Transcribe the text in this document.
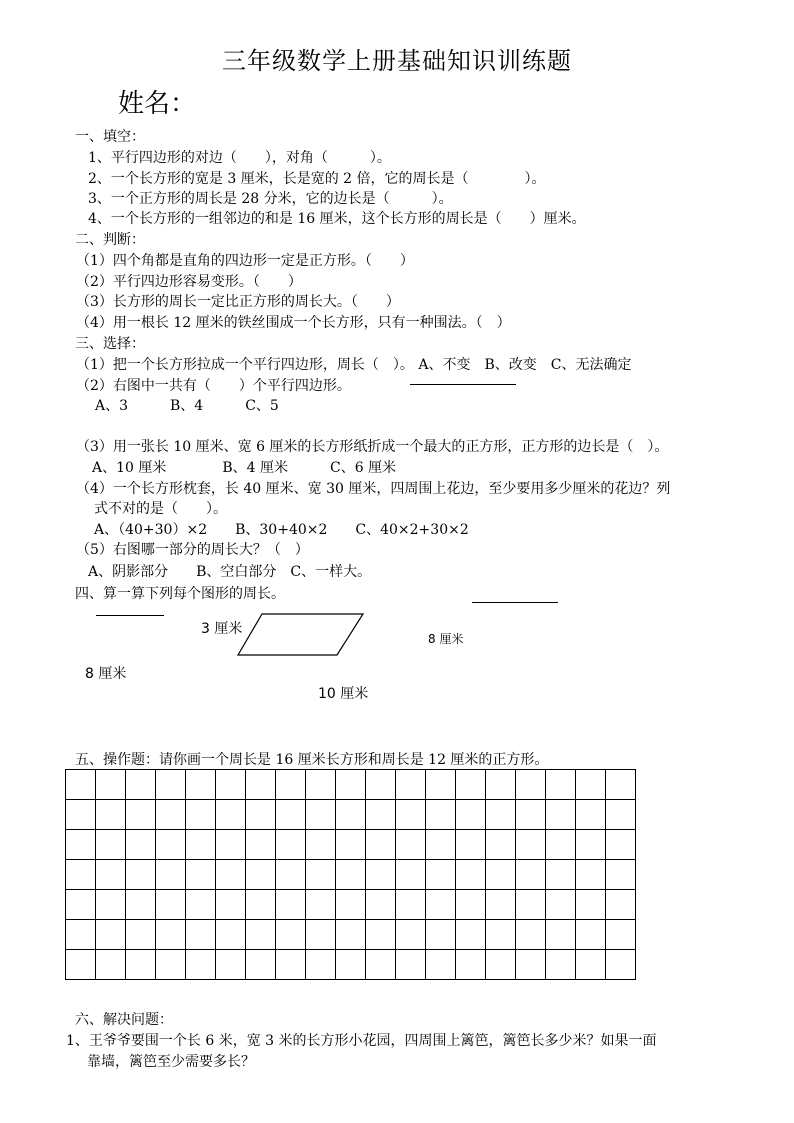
三年级数学上册基础知识训练题
姓名：
一、填空：
1、平行四边形的对边（　　），对角（　　　）。
2、一个长方形的宽是 3 厘米，长是宽的 2 倍，它的周长是（　　　　）。
3、一个正方形的周长是 28 分米，它的边长是（　　　）。
4、一个长方形的一组邻边的和是 16 厘米，这个长方形的周长是（　　）厘米。
二、判断：
（1）四个角都是直角的四边形一定是正方形。（　　）
（2）平行四边形容易变形。（　　）
（3）长方形的周长一定比正方形的周长大。（　　）
（4）用一根长 12 厘米的铁丝围成一个长方形，只有一种围法。（　）
三、选择：
（1）把一个长方形拉成一个平行四边形，周长（　）。 A、不变　B、改变　C、无法确定
（2）右图中一共有（　　）个平行四边形。
A、3　　　B、4　　　C、5
（3）用一张长 10 厘米、宽 6 厘米的长方形纸折成一个最大的正方形，正方形的边长是（　）。
A、10 厘米　　　　B、4 厘米　　　C、6 厘米
（4）一个长方形枕套，长 40 厘米、宽 30 厘米，四周围上花边，至少要用多少厘米的花边？列
式不对的是（　　）。
A、（40+30）×2　　B、30+40×2　　C、40×2+30×2
（5）右图哪一部分的周长大？（　）
A、阴影部分　　B、空白部分　C、一样大。
四、算一算下列每个图形的周长。
3 厘米
8 厘米
8 厘米
10 厘米
五、操作题：请你画一个周长是 16 厘米长方形和周长是 12 厘米的正方形。

六、解决问题：
1、王爷爷要围一个长 6 米，宽 3 米的长方形小花园，四周围上篱笆，篱笆长多少米？如果一面
靠墙，篱笆至少需要多长？
